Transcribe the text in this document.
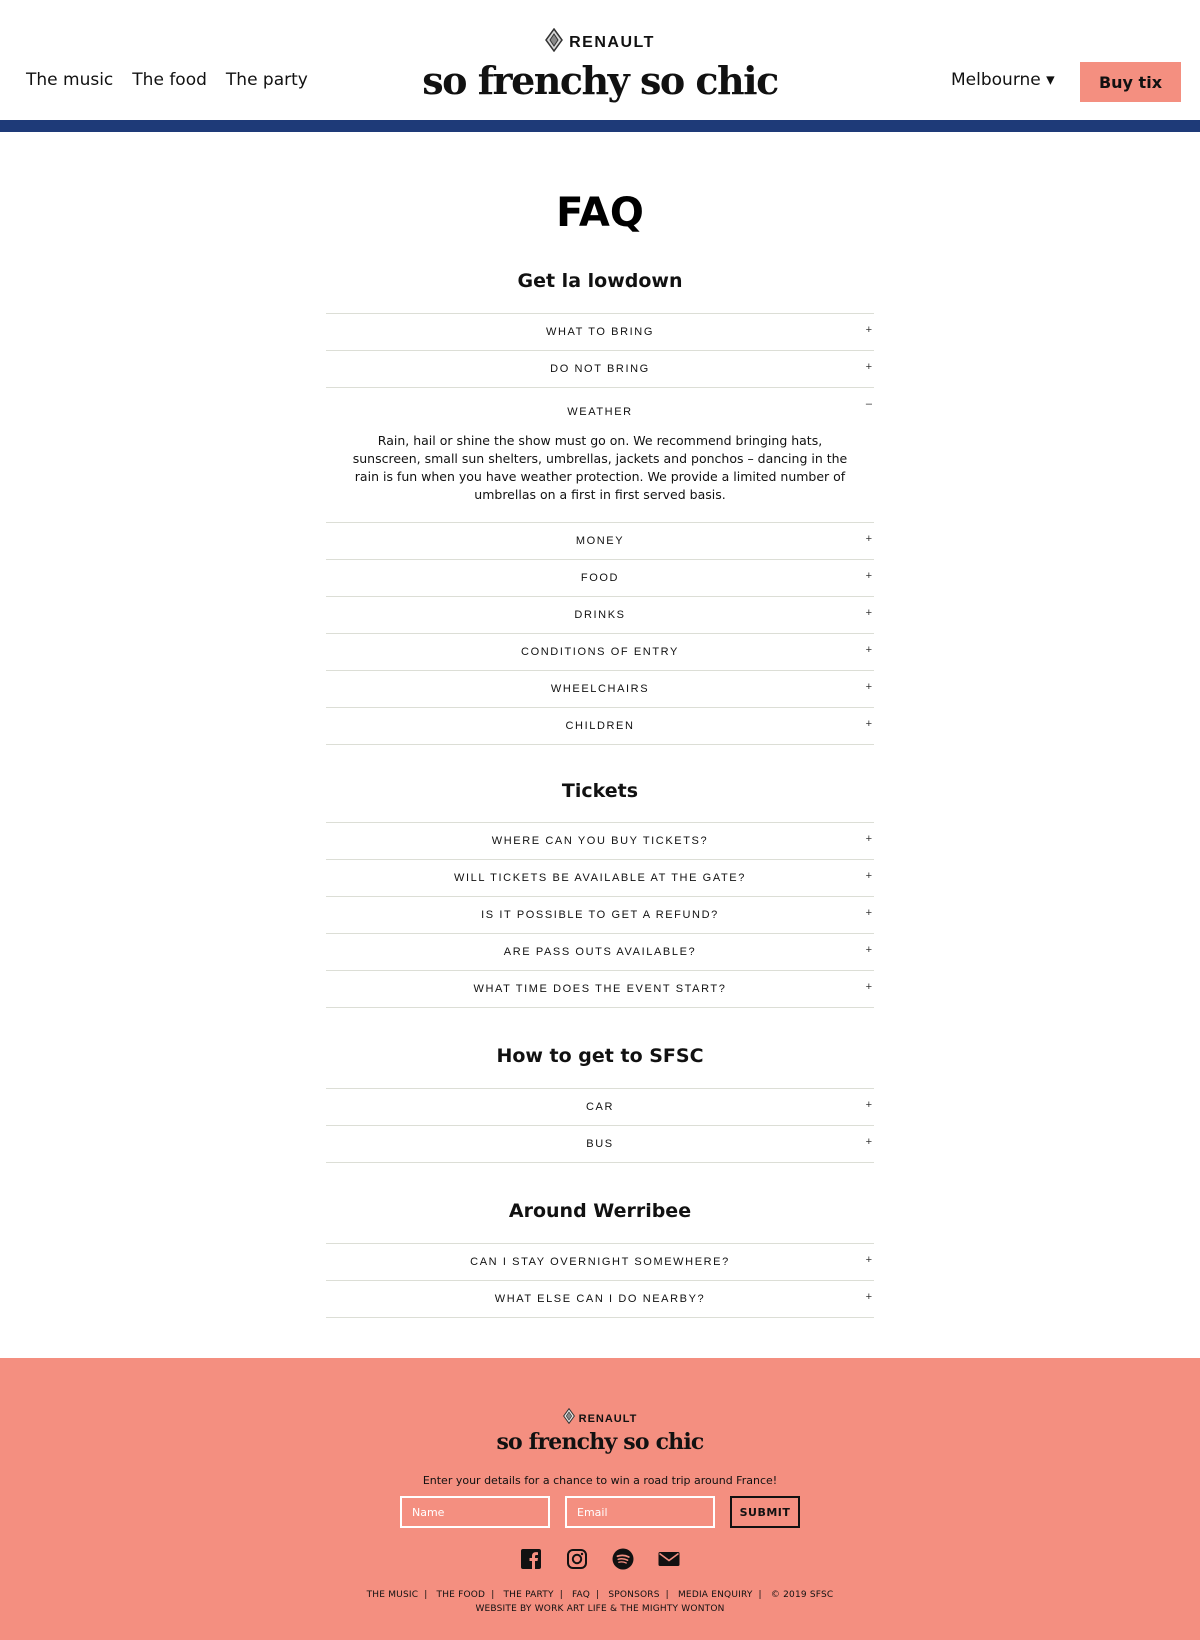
The music The food The party
RENAULT
so frenchy so chic	Melbourne ▾	Buy tix
FAQ
Get la lowdown
WHAT TO BRING	+
DO NOT BRING	+
WEATHER
–

Rain, hail or shine the show must go on. We recommend bringing hats, sunscreen, small sun shelters, umbrellas, jackets and ponchos – dancing in the rain is fun when you have weather protection. We provide a limited number of umbrellas on a first in first served basis.

MONEY	+
FOOD	+
DRINKS	+
CONDITIONS OF ENTRY	+
WHEELCHAIRS	+
CHILDREN	+
Tickets
WHERE CAN YOU BUY TICKETS?	+
WILL TICKETS BE AVAILABLE AT THE GATE?	+
IS IT POSSIBLE TO GET A REFUND?	+
ARE PASS OUTS AVAILABLE?	+
WHAT TIME DOES THE EVENT START?	+
How to get to SFSC
CAR	+
BUS	+
Around Werribee
CAN I STAY OVERNIGHT SOMEWHERE?	+
WHAT ELSE CAN I DO NEARBY?	+
RENAULT
so frenchy so chic
Enter your details for a chance to win a road trip around France!
Name
Email
SUBMIT
THE MUSIC | THE FOOD | THE PARTY | FAQ | SPONSORS | MEDIA ENQUIRY | © 2019 SFSC
WEBSITE BY WORK ART LIFE & THE MIGHTY WONTON
